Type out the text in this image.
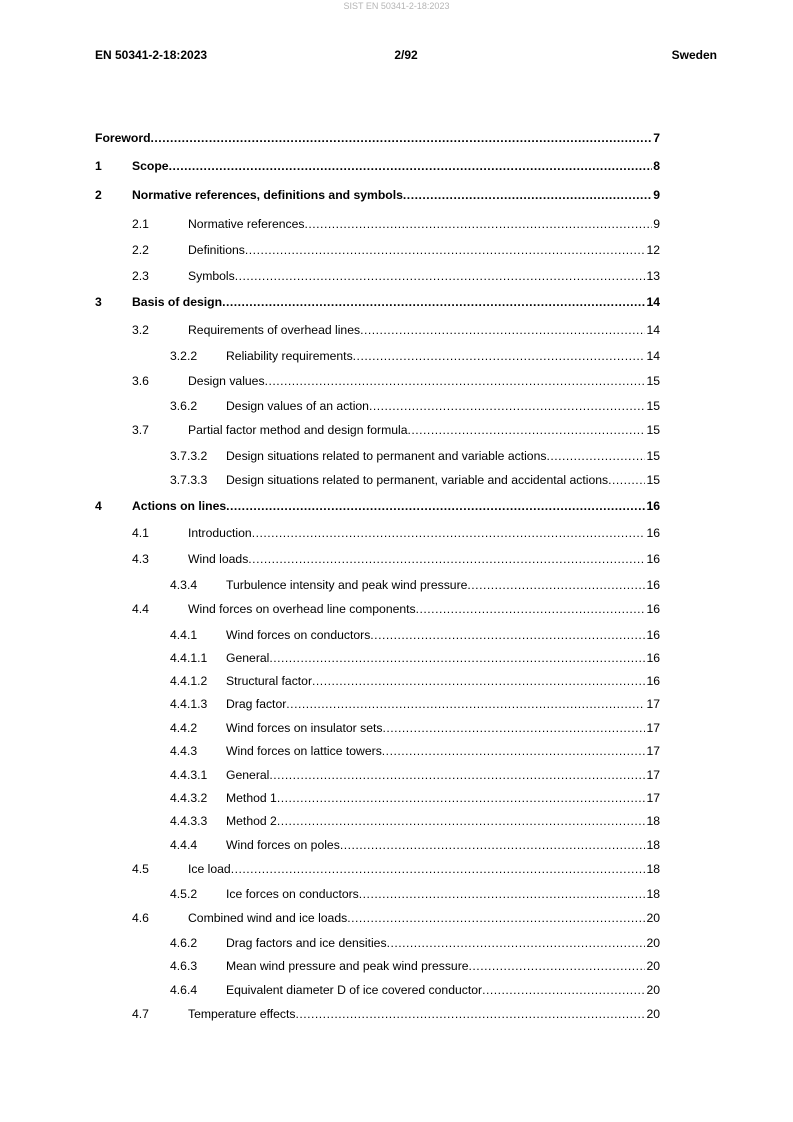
SIST EN 50341-2-18:2023
EN 50341-2-18:2023	2/92	Sweden
Foreword .....	7
1 Scope .....	8
2 Normative references, definitions and symbols .....	9
2.1	Normative references .....	9
2.2	Definitions .....	12
2.3	Symbols .....	13
3 Basis of design .....	14
3.2	Requirements of overhead lines .....	14
3.2.2 Reliability requirements .....	14
3.6	Design values .....	15
3.6.2 Design values of an action .....	15
3.7	Partial factor method and design formula .....	15
3.7.3.2 Design situations related to permanent and variable actions .....	15
3.7.3.3 Design situations related to permanent, variable and accidental actions .....	15
4 Actions on lines .....	16
4.1	Introduction .....	16
4.3	Wind loads .....	16
4.3.4 Turbulence intensity and peak wind pressure .....	16
4.4	Wind forces on overhead line components .....	16
4.4.1 Wind forces on conductors .....	16
4.4.1.1 General .....	16
4.4.1.2 Structural factor .....	16
4.4.1.3 Drag factor .....	17
4.4.2 Wind forces on insulator sets .....	17
4.4.3 Wind forces on lattice towers .....	17
4.4.3.1 General .....	17
4.4.3.2 Method 1 .....	17
4.4.3.3 Method 2 .....	18
4.4.4 Wind forces on poles .....	18
4.5	Ice load .....	18
4.5.2 Ice forces on conductors .....	18
4.6	Combined wind and ice loads .....	20
4.6.2 Drag factors and ice densities .....	20
4.6.3 Mean wind pressure and peak wind pressure .....	20
4.6.4 Equivalent diameter D of ice covered conductor .....	20
4.7	Temperature effects .....	20
